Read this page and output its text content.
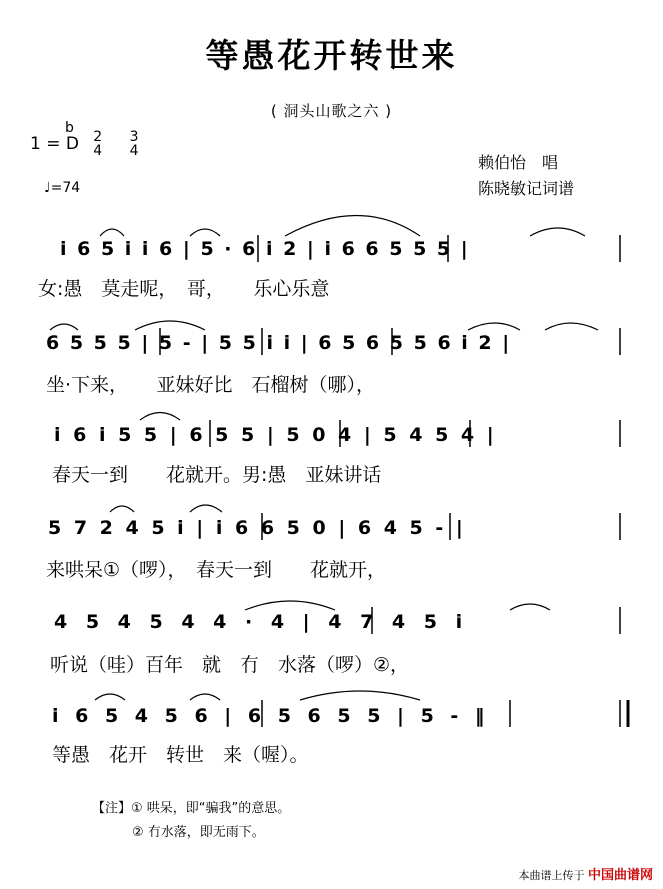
等愚花开转世来
( 洞头山歌之六 )
$1 = D^b$
2
4

3
4
♩=74
赖伯怡　唱
陈晓敏记词谱
i 6 5 i i 6 | 5 · 6 i 2 | i 6 6 5 5 5 |
女:愚　莫走呢，　哥，　　乐心乐意
6 5 5 5 | 5 - | 5 5 i i | 6 5 6 5 5 6 i 2 |
坐·下来，　　亚妹好比　石榴树（哪），
i 6 i 5 5 | 6 5 5 | 5 0 4 | 5 4 5 4 |
春天一到　　花就开。男:愚　亚妹讲话
5 7 2 4 5 i | i 6 6 5 0 | 6 4 5 - |
来哄呆①（啰），　春天一到　　花就开，
4 5 4 5 4 4 · 4 | 4 7 4 5 i
听说（哇）百年　就　冇　水落（啰）②，
i 6 5 4 5 6 | 6 5 6 5 5 | 5 - ‖
等愚　花开　转世　来（喔）。
【注】① 哄呆，即“骗我”的意思。
② 冇水落，即无雨下。
本曲谱上传于 中国曲谱网
